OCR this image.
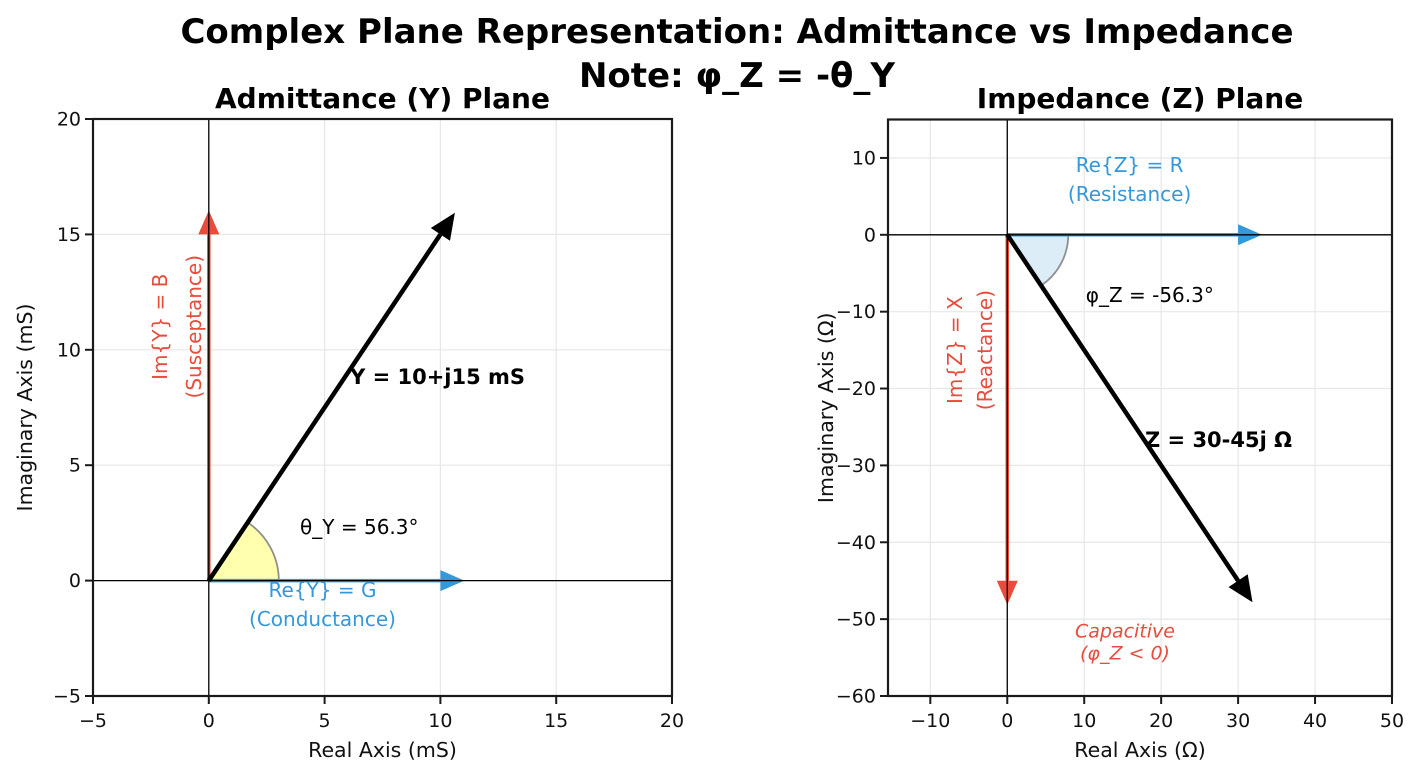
Complex Plane Representation: Admittance vs Impedance
Note: φ_Z = -θ_Y
−5	0	5	10	15	20
−5
0
5
10
15
20
Real Axis (mS)
Imaginary Axis (mS)
Admittance (Y) Plane
Im{Y} = B (Susceptance)
Re{Y} = G
(Conductance)
Y = 10+j15 mS
θ_Y = 56.3°
−10	0	10	20	30	40	50
10
0
−10
−20
−30
−40
−50
−60
Real Axis (Ω)
Imaginary Axis (Ω)
Impedance (Z) Plane
Re{Z} = R
(Resistance)
φ_Z = -56.3°
Im{Z} = X (Reactance)
Z = 30-45j Ω
Capacitive
(φ_Z < 0)
